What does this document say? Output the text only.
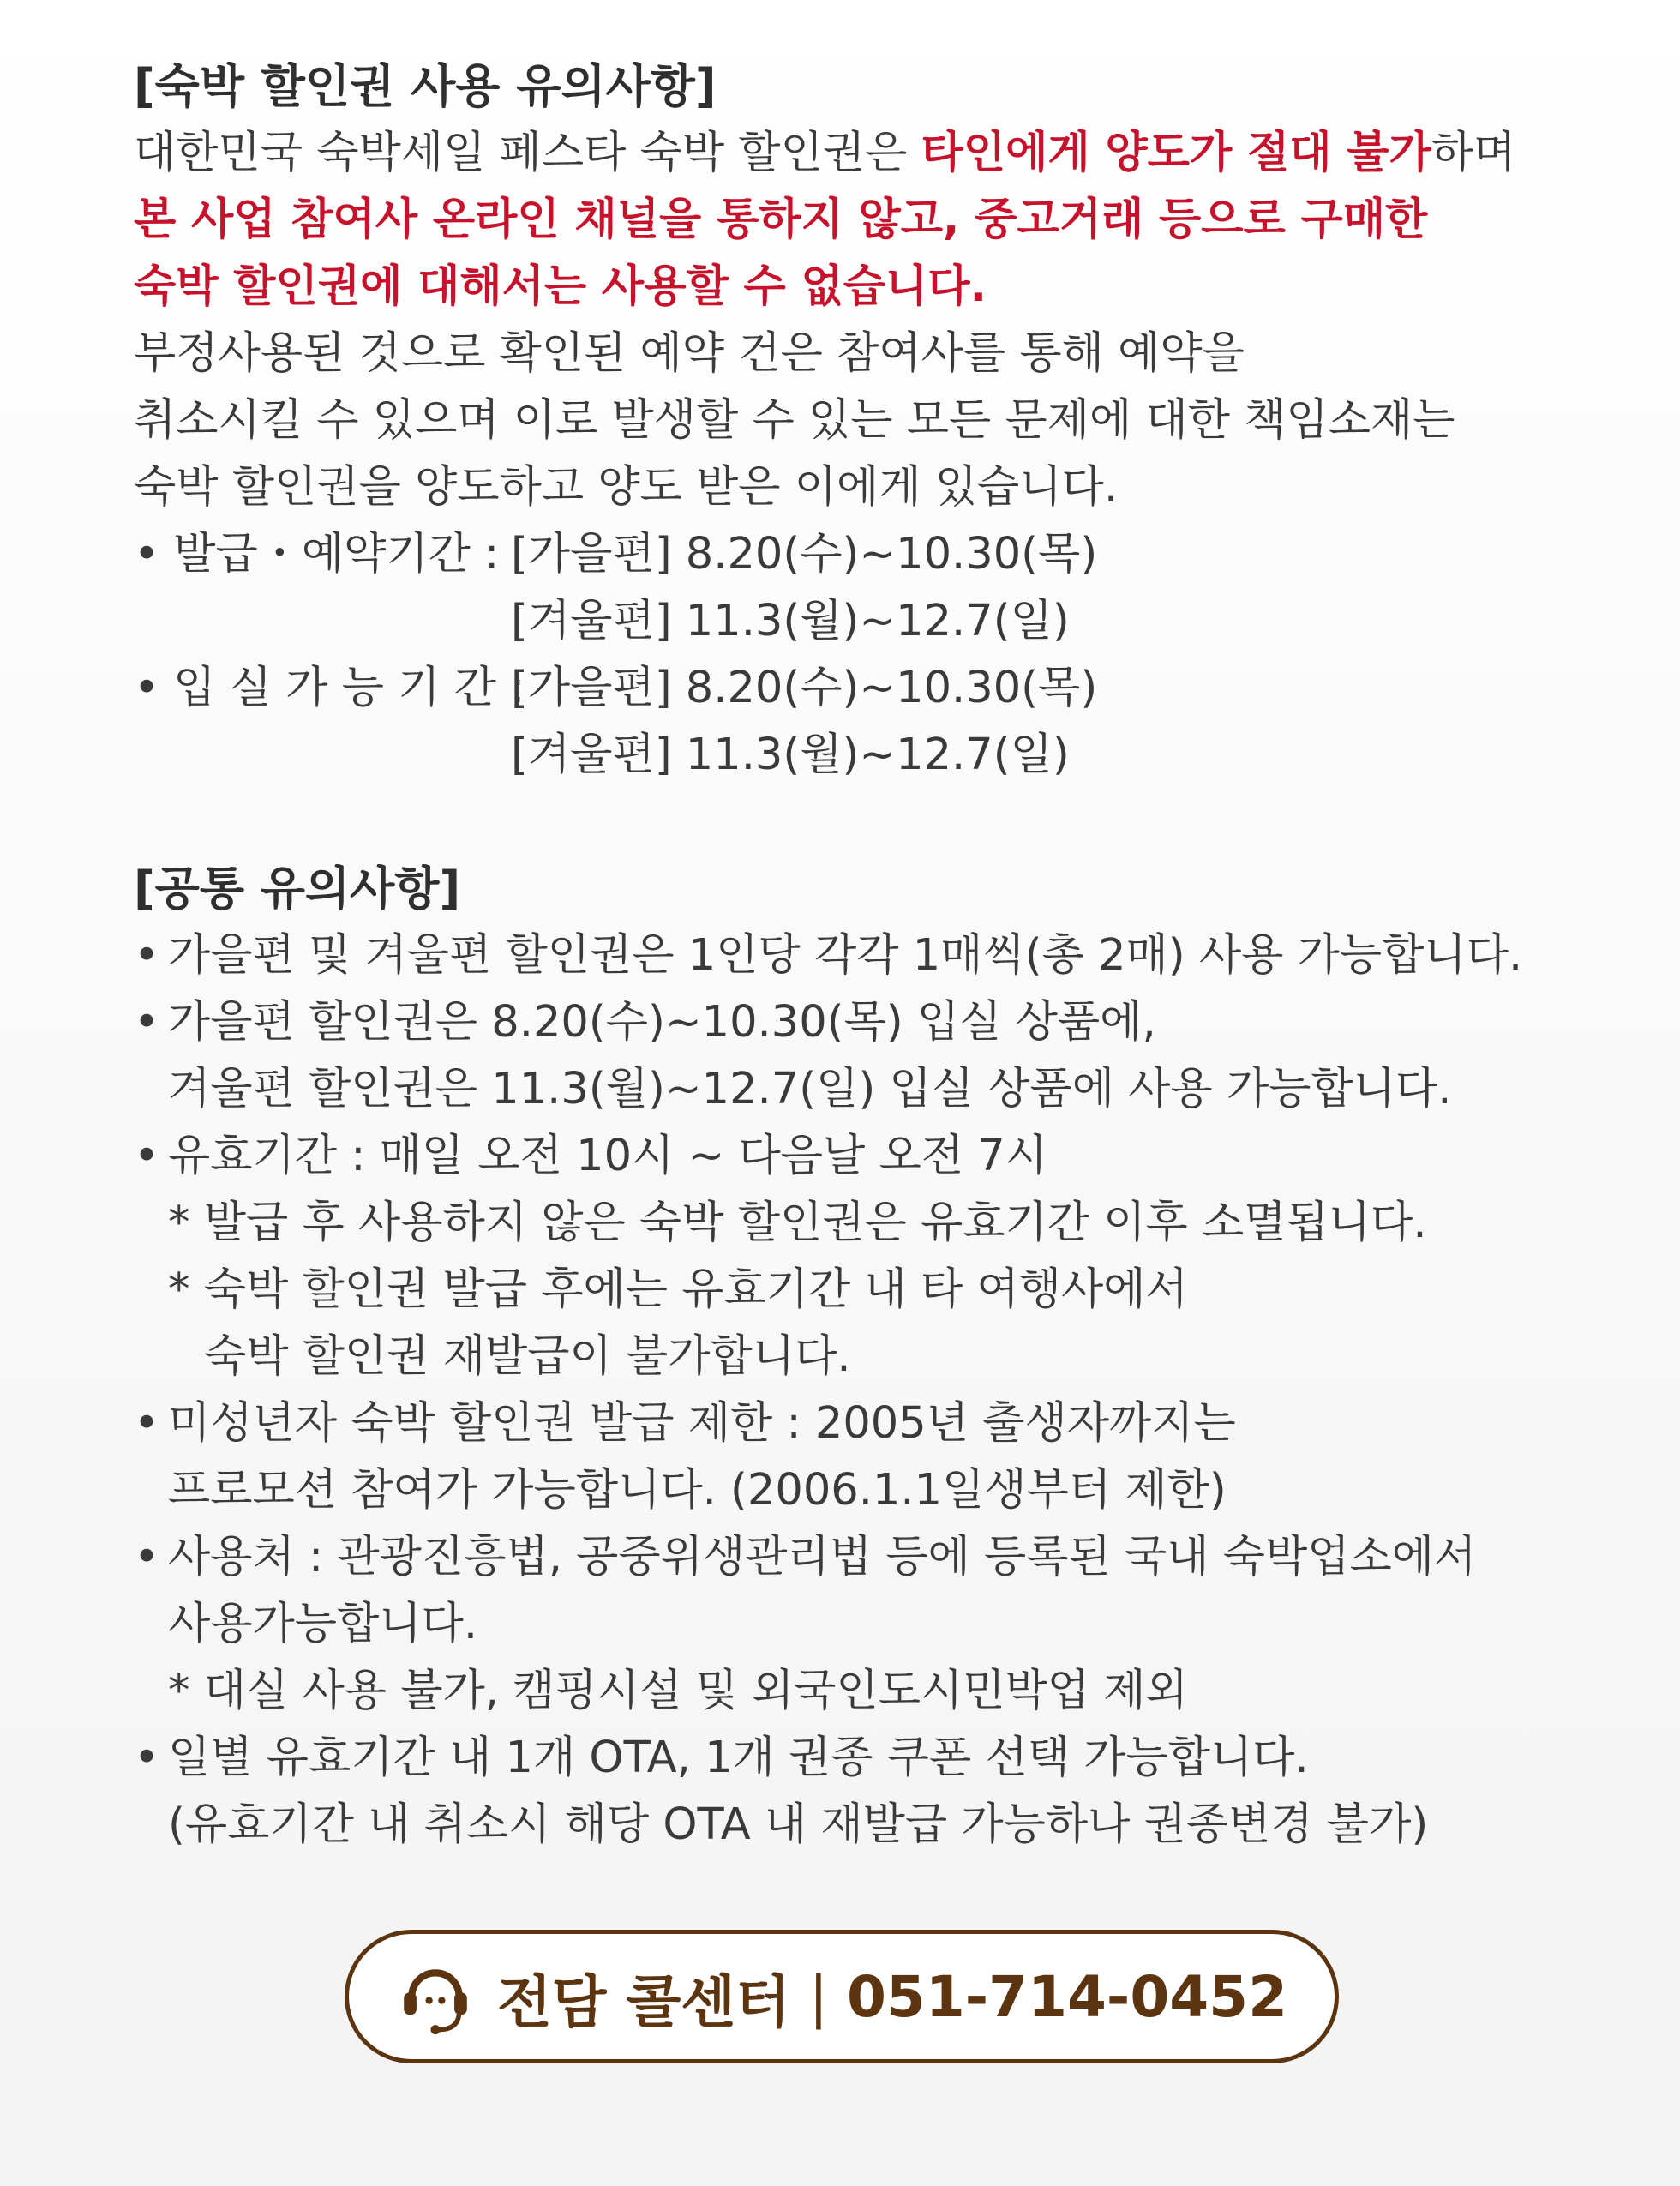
[숙박 할인권 사용 유의사항]
대한민국 숙박세일 페스타 숙박 할인권은 타인에게 양도가 절대 불가하며
본 사업 참여사 온라인 채널을 통하지 않고, 중고거래 등으로 구매한
숙박 할인권에 대해서는 사용할 수 없습니다.
부정사용된 것으로 확인된 예약 건은 참여사를 통해 예약을
취소시킬 수 있으며 이로 발생할 수 있는 모든 문제에 대한 책임소재는
숙박 할인권을 양도하고 양도 받은 이에게 있습니다.
• 발급・예약기간 : [가을편] 8.20(수)~10.30(목)
[겨울편] 11.3(월)~12.7(일)
• 입 실 가 능 기 간 :
[가을편] 8.20(수)~10.30(목)
[겨울편] 11.3(월)~12.7(일)
[공통 유의사항]
• 가을편 및 겨울편 할인권은 1인당 각각 1매씩(총 2매) 사용 가능합니다.
• 가을편 할인권은 8.20(수)~10.30(목) 입실 상품에,
겨울편 할인권은 11.3(월)~12.7(일) 입실 상품에 사용 가능합니다.
• 유효기간 : 매일 오전 10시 ~ 다음날 오전 7시
* 발급 후 사용하지 않은 숙박 할인권은 유효기간 이후 소멸됩니다.
* 숙박 할인권 발급 후에는 유효기간 내 타 여행사에서
숙박 할인권 재발급이 불가합니다.
• 미성년자 숙박 할인권 발급 제한 : 2005년 출생자까지는
프로모션 참여가 가능합니다. (2006.1.1일생부터 제한)
• 사용처 : 관광진흥법, 공중위생관리법 등에 등록된 국내 숙박업소에서
사용가능합니다.
* 대실 사용 불가, 캠핑시설 및 외국인도시민박업 제외
• 일별 유효기간 내 1개 OTA, 1개 권종 쿠폰 선택 가능합니다.
(유효기간 내 취소시 해당 OTA 내 재발급 가능하나 권종변경 불가)
전담 콜센터 | 051-714-0452
